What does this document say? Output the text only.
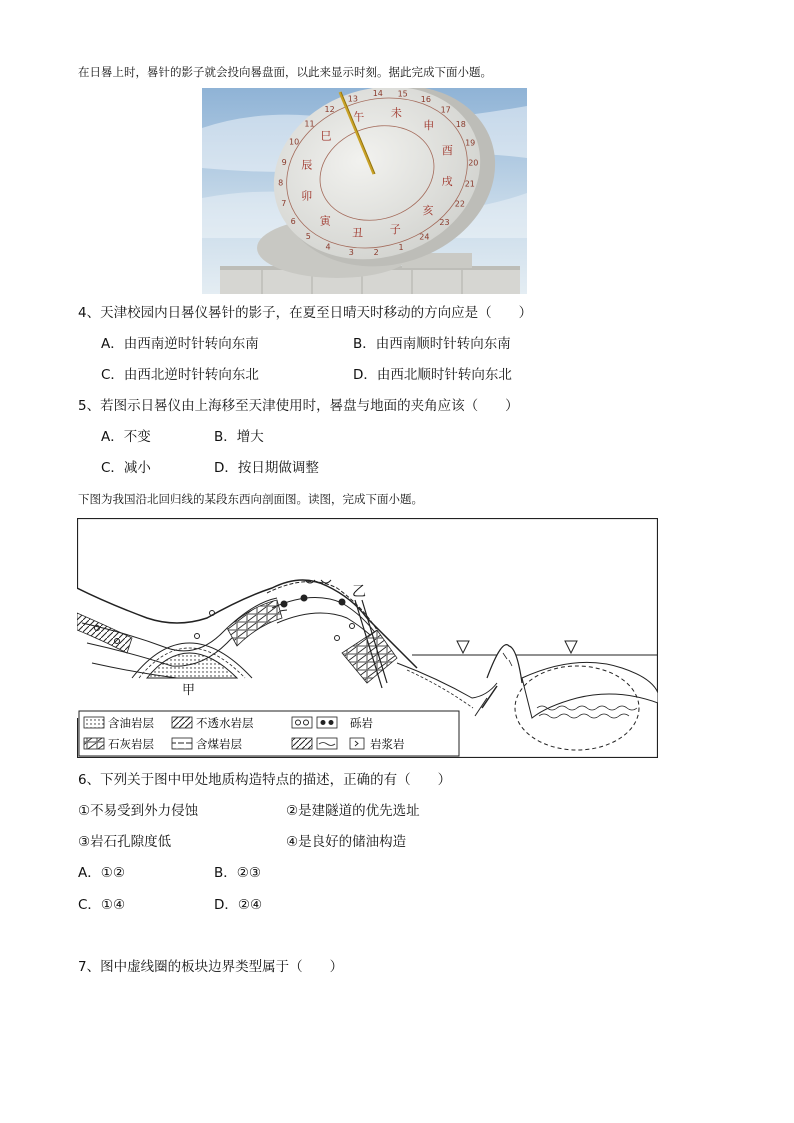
在日晷上时，晷针的影子就会投向晷盘面，以此来显示时刻。据此完成下面小题。
子
丑
寅
卯
辰
巳
午 未
申
酉
戌
亥
1
2
3
4
5
6
7
8
9
10
11
12
13
14 15
16
17
18
19
20
21
22
23
24
4、天津校园内日晷仪晷针的影子，在夏至日晴天时移动的方向应是（　　）
A．由西南逆时针转向东南	B．由西南顺时针转向东南
C．由西北逆时针转向东北	D．由西北顺时针转向东北
5、若图示日晷仪由上海移至天津使用时，晷盘与地面的夹角应该（　　）
A．不变	B．增大
C．减小	D．按日期做调整
下图为我国沿北回归线的某段东西向剖面图。读图，完成下面小题。
乙
甲
含油岩层	不透水岩层	砾岩
石灰岩层	含煤岩层	岩浆岩
6、下列关于图中甲处地质构造特点的描述，正确的有（　　）
①不易受到外力侵蚀	②是建隧道的优先选址
③岩石孔隙度低	④是良好的储油构造
A．①②	B．②③
C．①④	D．②④
7、图中虚线圈的板块边界类型属于（　　）
